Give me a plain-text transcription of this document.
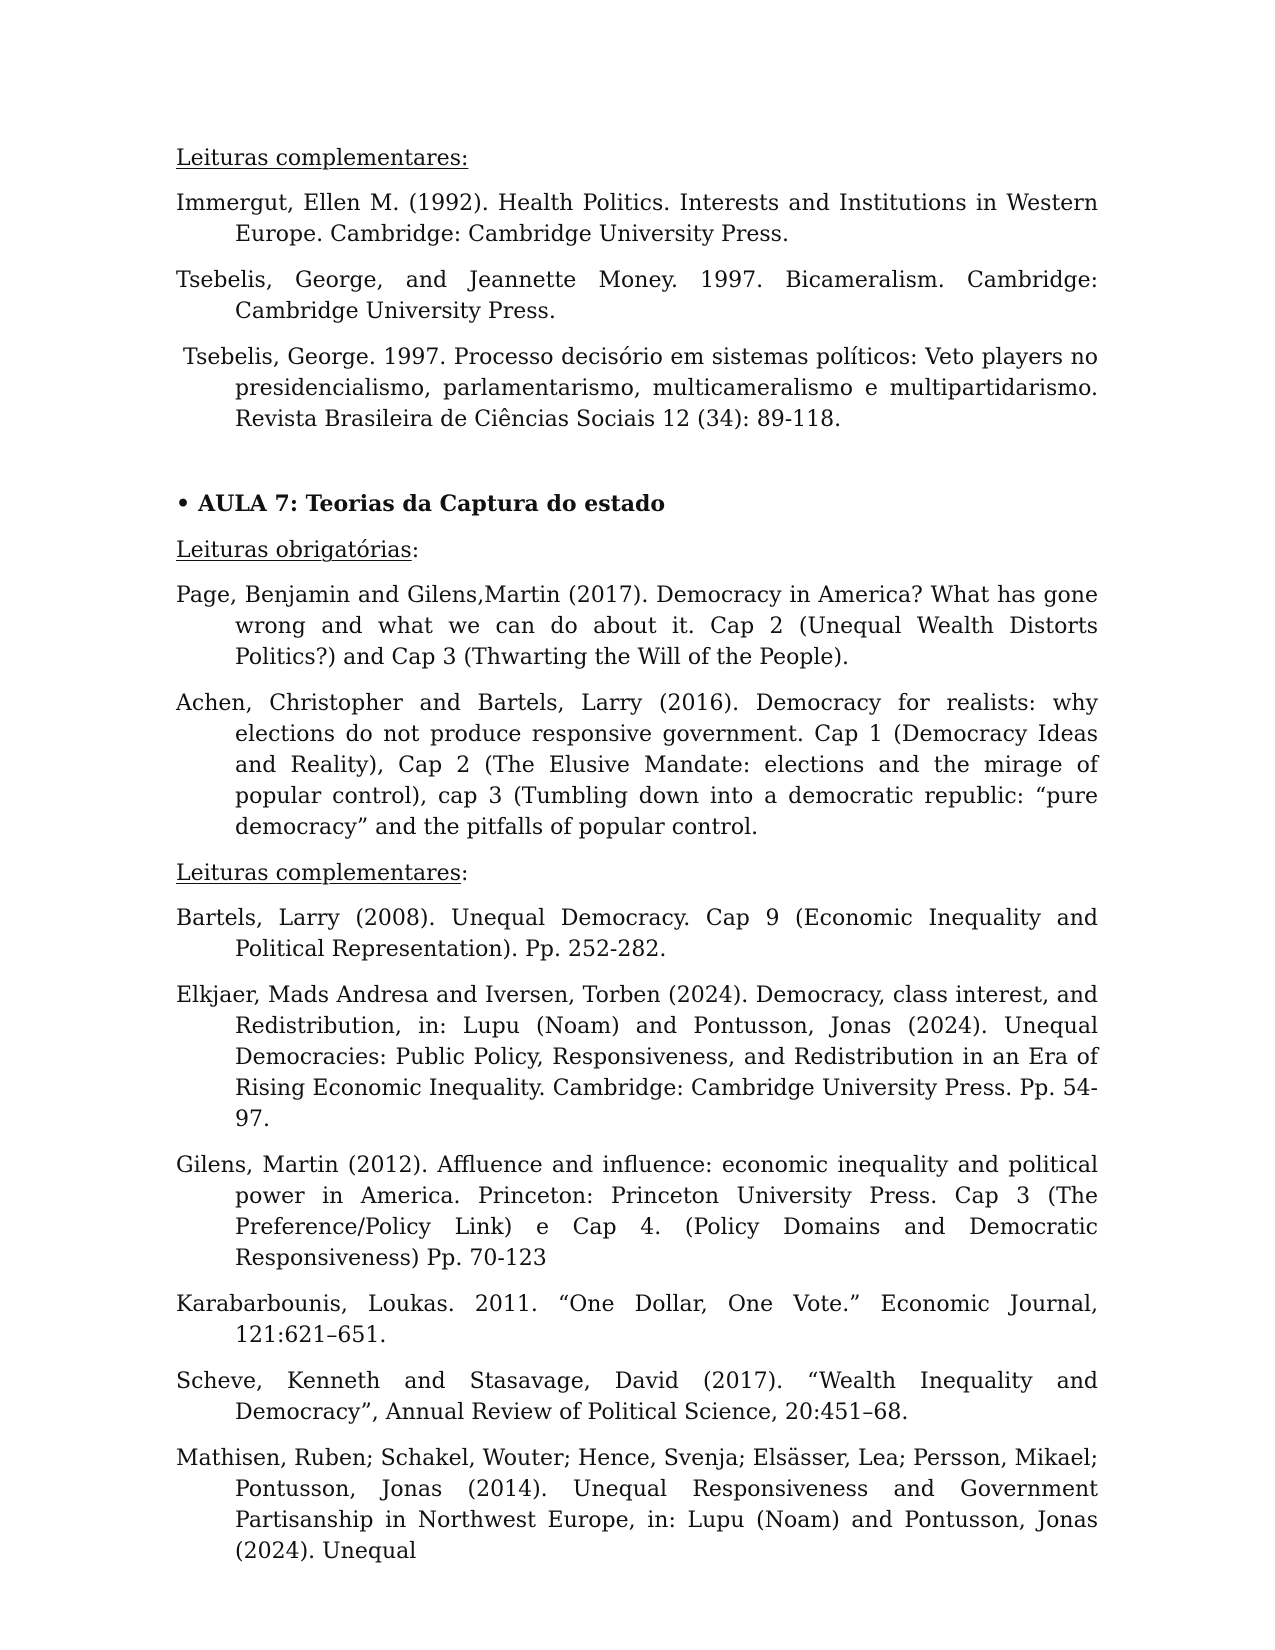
Leituras complementares:

Immergut, Ellen M. (1992). Health Politics. Interests and Institutions in Western Europe. Cambridge: Cambridge University Press.

Tsebelis, George, and Jeannette Money. 1997. Bicameralism. Cambridge: Cambridge University Press.

Tsebelis, George. 1997. Processo decisório em sistemas políticos: Veto players no presidencialismo, parlamentarismo, multicameralismo e multipartidarismo. Revista Brasileira de Ciências Sociais 12 (34): 89-118.

• AULA 7: Teorias da Captura do estado

Leituras obrigatórias:

Page, Benjamin and Gilens,Martin (2017). Democracy in America? What has gone wrong and what we can do about it. Cap 2 (Unequal Wealth Distorts Politics?) and Cap 3 (Thwarting the Will of the People).

Achen, Christopher and Bartels, Larry (2016). Democracy for realists: why elections do not produce responsive government. Cap 1 (Democracy Ideas and Reality), Cap 2 (The Elusive Mandate: elections and the mirage of popular control), cap 3 (Tumbling down into a democratic republic: “pure democracy” and the pitfalls of popular control.

Leituras complementares:

Bartels, Larry (2008). Unequal Democracy. Cap 9 (Economic Inequality and Political Representation). Pp. 252-282.

Elkjaer, Mads Andresa and Iversen, Torben (2024). Democracy, class interest, and Redistribution, in: Lupu (Noam) and Pontusson, Jonas (2024). Unequal Democracies: Public Policy, Responsiveness, and Redistribution in an Era of Rising Economic Inequality. Cambridge: Cambridge University Press. Pp. 54-97.

Gilens, Martin (2012). Affluence and influence: economic inequality and political power in America. Princeton: Princeton University Press. Cap 3 (The Preference/Policy Link) e Cap 4. (Policy Domains and Democratic Responsiveness) Pp. 70-123

Karabarbounis, Loukas. 2011. “One Dollar, One Vote.” Economic Journal, 121:621–651.

Scheve, Kenneth and Stasavage, David (2017). “Wealth Inequality and Democracy”, Annual Review of Political Science, 20:451–68.

Mathisen, Ruben; Schakel, Wouter; Hence, Svenja; Elsässer, Lea; Persson, Mikael; Pontusson, Jonas (2014). Unequal Responsiveness and Government Partisanship in Northwest Europe, in: Lupu (Noam) and Pontusson, Jonas (2024). Unequal
